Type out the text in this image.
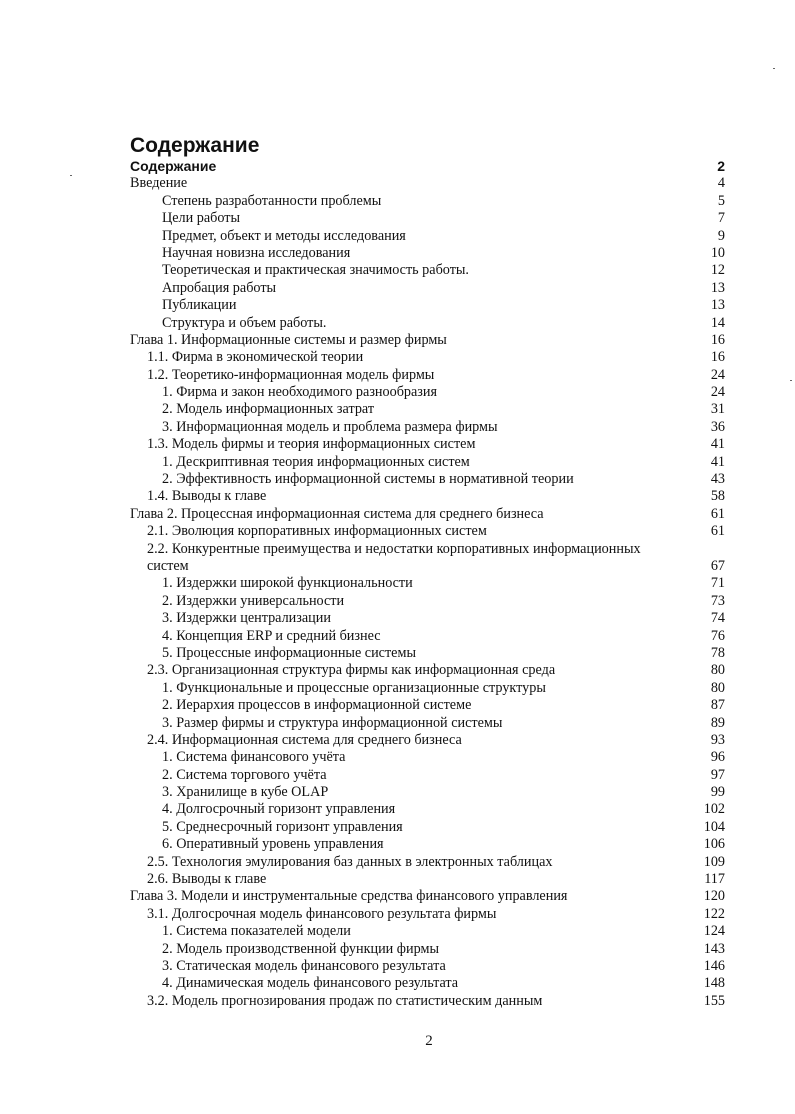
Содержание
Содержание	2
Введение	4
Степень разработанности проблемы	5
Цели работы	7
Предмет, объект и методы исследования	9
Научная новизна исследования	10
Теоретическая и практическая значимость работы.	12
Апробация работы	13
Публикации	13
Структура и объем работы.	14
Глава 1. Информационные системы и размер фирмы	16
1.1. Фирма в экономической теории	16
1.2. Теоретико-информационная модель фирмы	24
1. Фирма и закон необходимого разнообразия	24
2. Модель информационных затрат	31
3. Информационная модель и проблема размера фирмы	36
1.3. Модель фирмы и теория информационных систем	41
1. Дескриптивная теория информационных систем	41
2. Эффективность информационной системы в нормативной теории	43
1.4. Выводы к главе	58
Глава 2. Процессная информационная система для среднего бизнеса	61
2.1. Эволюция корпоративных информационных систем	61
2.2. Конкурентные преимущества и недостатки корпоративных информационных
систем	67
1. Издержки широкой функциональности	71
2. Издержки универсальности	73
3. Издержки централизации	74
4. Концепция ERP и средний бизнес	76
5. Процессные информационные системы	78
2.3. Организационная структура фирмы как информационная среда	80
1. Функциональные и процессные организационные структуры	80
2. Иерархия процессов в информационной системе	87
3. Размер фирмы и структура информационной системы	89
2.4. Информационная система для среднего бизнеса	93
1. Система финансового учёта	96
2. Система торгового учёта	97
3. Хранилище в кубе OLAP	99
4. Долгосрочный горизонт управления	102
5. Среднесрочный горизонт управления	104
6. Оперативный уровень управления	106
2.5. Технология эмулирования баз данных в электронных таблицах	109
2.6. Выводы к главе	117
Глава 3. Модели и инструментальные средства финансового управления	120
3.1. Долгосрочная модель финансового результата фирмы	122
1. Система показателей модели	124
2. Модель производственной функции фирмы	143
3. Статическая модель финансового результата	146
4. Динамическая модель финансового результата	148
3.2. Модель прогнозирования продаж по статистическим данным	155
2
